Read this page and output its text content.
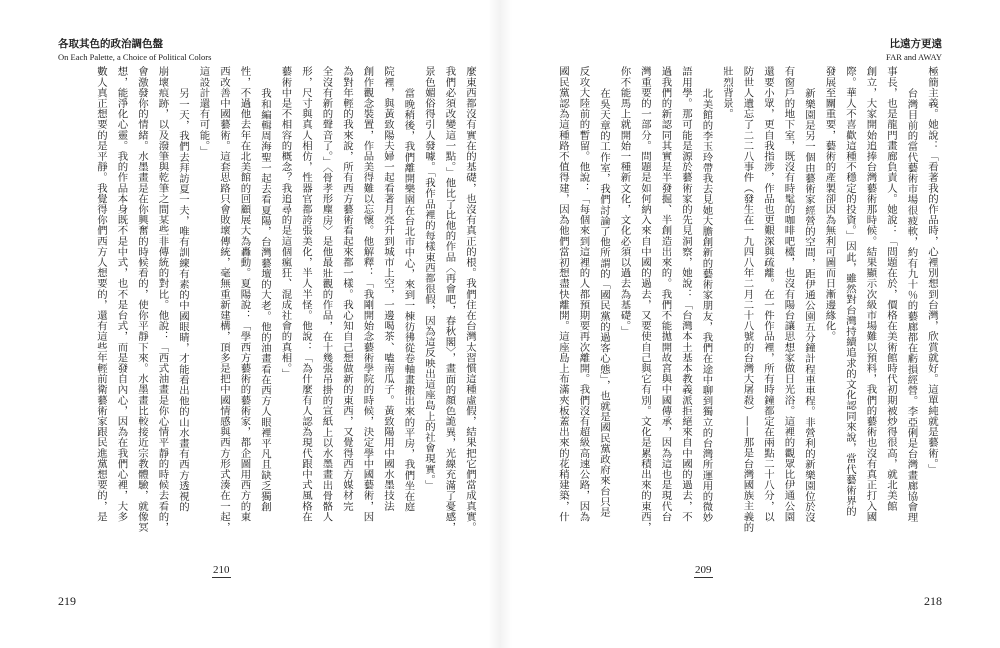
各取其色的政治調色盤
On Each Palette, a Choice of Political Colors
比遠方更遠
FAR and AWAY
極簡主義。她說：「看著我的作品時，心裡別想到台灣，欣賞就好。這單純就是藝術。」
台灣目前的當代藝術市場很疲軟，約有九十％的藝廊都在虧損經營。李亞俐是台灣畫廊協會理
事長，也是龍門畫廊負責人。她說：「問題在於，價格在美術館時代初期被炒得很高，就北美館
創立，大家開始追捧台灣藝術那時候。結果顯示次級市場難以預料，我們的藝術也沒有真正打入國
際。華人不喜歡這種不穩定的投資。」因此，雖然對台灣持續追求的文化認同來說，當代藝術界的
發展至關重要，藝術的產製卻因為無利可圖而日漸邊緣化。
新樂園是另一個由藝術家經營的空間，距伊通公園五分鐘計程車車程。非營利的新樂園位於沒
有窗戶的地下室，既沒有時髦的咖啡吧檯，也沒有陽台讓思想家做日光浴。這裡的觀眾比伊通公園
還要小眾，更自我指涉，作品也更艱深與疏離。在一件作品裡，所有時鐘都定在兩點二十八分，以
防世人遺忘了二二八事件（發生在一九四八年二月二十八號的台灣大屠殺）——那是台灣國族主義的
壯烈背景。
北美館的李玉玲帶我去見她大膽創新的藝術家朋友，我們在途中聊到獨立的台灣所運用的微妙
語用學。那可能是源於藝術家的先見洞察，她說：「台灣本土基本教義派拒絕來自中國的過去，不
過我們的新認同其實是半發掘、半創造出來的。我們不能拋開故宮與中國傳承，因為這也是現代台
灣重要的一部分。問題是如何納入來自中國的過去，又要使自己與它有別。文化是累積出來的東西，
你不能馬上就開始一種新文化，文化必須以過去為基礎。」
在吳天章的工作室，我們討論了他所謂的「國民黨的過客心態」，也就是國民黨政府來台只是
反攻大陸前的暫留。他說：「每個來到這裡的人都預期要再次離開。我們沒有超級高速公路，因為
國民黨認為這種路不值得建，因為他們當初想盡快離開。這座島上布滿夾板蓋出來的花稍建築，什
麼東西都沒有實在的基礎，也沒有真正的根。我們住在台灣太習慣這種虛假，結果把它們當成真實。
我們必須改變這一點。」他比了比他的作品〈再會吧，春秋閣〉，畫面的顏色詭異，光線充滿了憂感，
景色媚俗得引人發噱。「我作品裡的每樣東西都很假，因為這反映出這座島上的社會現實。」
當晚稍後，我們離開樂園在台北市中心，來到一棟彷彿從卷軸畫搬出來的平房，我們坐在庭
院裡，與黃致陽夫婦一起看著月亮升到城市上空，一邊喝茶、嗑南瓜子。黃致陽用中國水墨技法
創作觀念裝置，作品美得難以忘懷。他解釋：「我剛開始念藝術學院的時候，決定學中國藝術，因
為對年輕的我來說，所有西方藝術看起來都一樣。我心知自己想做新的東西，又覺得西方媒材完
全沒有新的聲音了。」〈骨孝形塵房〉是他最壯觀的作品，在十幾張吊掛的宣紙上以水墨畫出骨骼人
形，尺寸與真人相仿，性器官都誇張美化，半人半怪。他說：「為什麼有人認為現代跟中式風格在
藝術中是不相容的概念？我追尋的是這個瘋狂、混成社會的真相。」
我和編輯周海聖一起去看夏陽，台灣藝壇的大老。他的油畫看在西方人眼裡平凡且缺乏獨創
性，不過他去年在北美館的回顧展大為轟動。夏陽說：「學西方藝術的藝術家，都企圖用西方的東
西改善中國藝術。這套思路只會敗壞傳統，毫無重新建構，頂多是把中國情感與西方形式湊在一起，
這設計還有可能。」
另一天，我們去拜訪夏一夫，唯有訓練有素的中國眼睛，才能看出他的山水畫有西方透視的
崩壞痕跡，以及潑筆與乾筆之間某些非傳統的對比。他說：「西式油畫是你心情平靜的時候去看的，
會激發你的情緒。水墨畫是在你興奮的時候看的，使你平靜下來。水墨畫比較接近宗教體驗，就像冥
想，能淨化心靈。我的作品本身既不是中式，也不是台式，而是發自內心，因為在我們心裡，大多
數人真正想要的是平靜。我覺得你們西方人想要的，還有這些年輕前衛藝術家跟民進黨想要的，是
210	209
219	218
